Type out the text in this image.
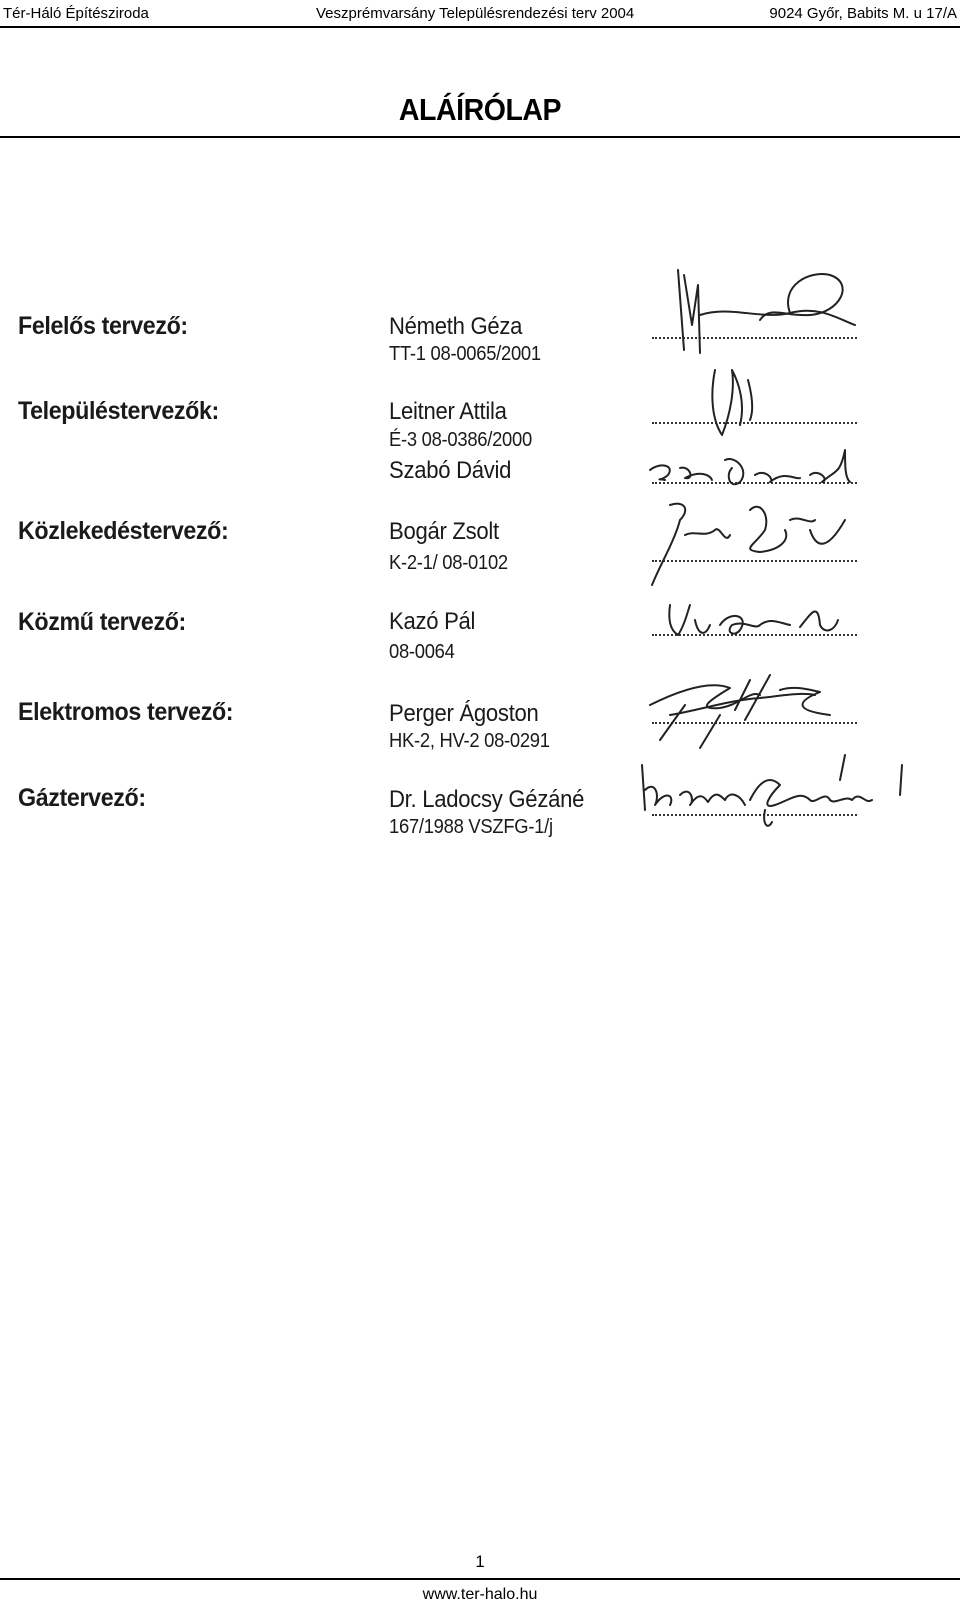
Tér-Háló Építésziroda	Veszprémvarsány Településrendezési terv 2004	9024 Győr, Babits M. u 17/A
ALÁÍRÓLAP
Felelős tervező:	Németh Géza
TT-1 08-0065/2001
Településtervezők:	Leitner Attila
É-3 08-0386/2000
Szabó Dávid
Közlekedéstervező:	Bogár Zsolt
K-2-1/ 08-0102
Közmű tervező:	Kazó Pál
08-0064
Elektromos tervező:	Perger Ágoston
HK-2, HV-2 08-0291
Gáztervező:	Dr. Ladocsy Gézáné
167/1988 VSZFG-1/j
1
www.ter-halo.hu
